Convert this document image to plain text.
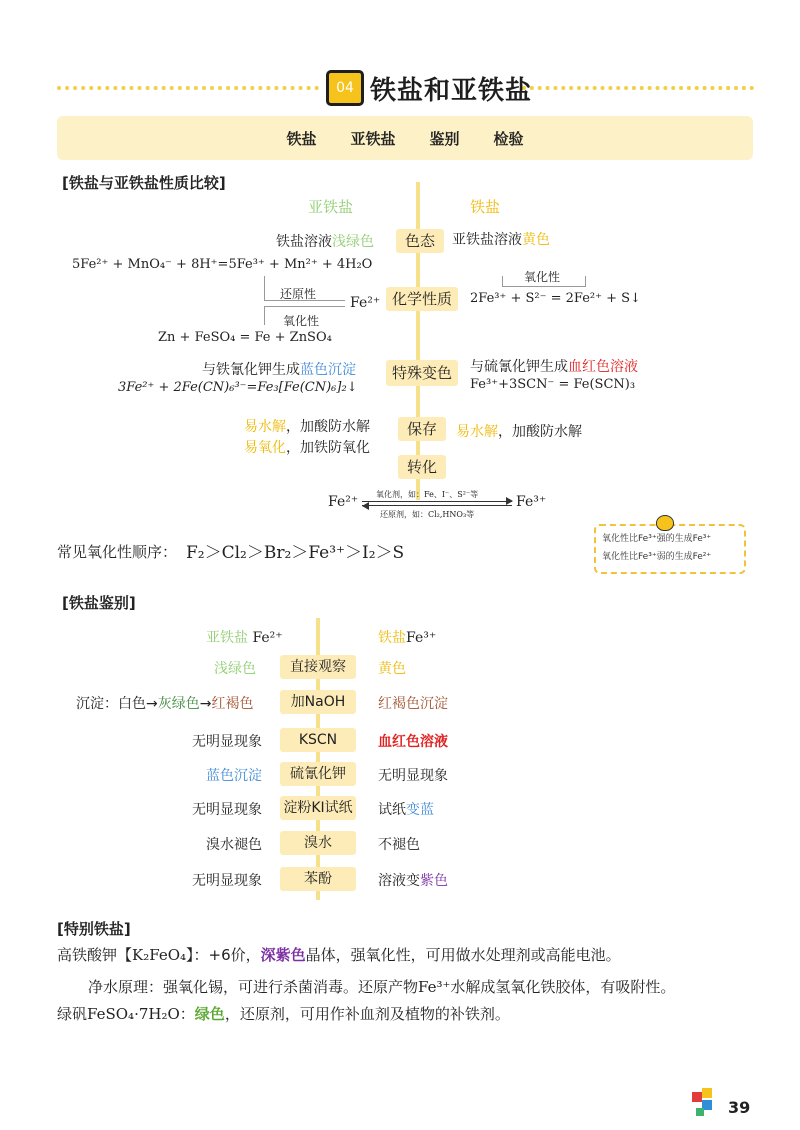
04 铁盐和亚铁盐
铁盐 亚铁盐 鉴别 检验
[铁盐与亚铁盐性质比较]
亚铁盐	铁盐
色态
铁盐溶液浅绿色	亚铁盐溶液黄色
5Fe²⁺ + MnO₄⁻ + 8H⁺=5Fe³⁺ + Mn²⁺ + 4H₂O
还原性
Fe²⁺
氧化性
化学性质
氧化性
2Fe³⁺ + S²⁻ = 2Fe²⁺ + S↓
Zn + FeSO₄ = Fe + ZnSO₄
特殊变色
与铁氰化钾生成蓝色沉淀
3Fe²⁺ + 2Fe(CN)₆³⁻=Fe₃[Fe(CN)₆]₂↓
与硫氰化钾生成血红色溶液
Fe³⁺+3SCN⁻ = Fe(SCN)₃
保存
易水解，加酸防水解
易氧化，加铁防氧化
易水解，加酸防水解
转化
Fe²⁺ 氧化剂，如：Fe、I⁻、S²⁻等
还原剂，如：Cl₂,HNO₃等
Fe³⁺
常见氧化性顺序： F₂＞Cl₂＞Br₂＞Fe³⁺＞I₂＞S
氧化性比Fe³⁺强的生成Fe³⁺
氧化性比Fe³⁺弱的生成Fe²⁺
[铁盐鉴别]
亚铁盐 Fe²⁺	铁盐Fe³⁺
直接观察
浅绿色	黄色
加NaOH
沉淀：白色→灰绿色→红褐色	红褐色沉淀
KSCN
无明显现象	血红色溶液
硫氰化钾
蓝色沉淀	无明显现象
淀粉KI试纸
无明显现象	试纸变蓝
溴水
溴水褪色	不褪色
苯酚
无明显现象	溶液变紫色
[特别铁盐]
高铁酸钾【K₂FeO₄】：+6价，深紫色晶体，强氧化性，可用做水处理剂或高能电池。
净水原理：强氧化锡，可进行杀菌消毒。还原产物Fe³⁺水解成氢氧化铁胶体，有吸附性。
绿矾FeSO₄·7H₂O：绿色，还原剂，可用作补血剂及植物的补铁剂。
39
